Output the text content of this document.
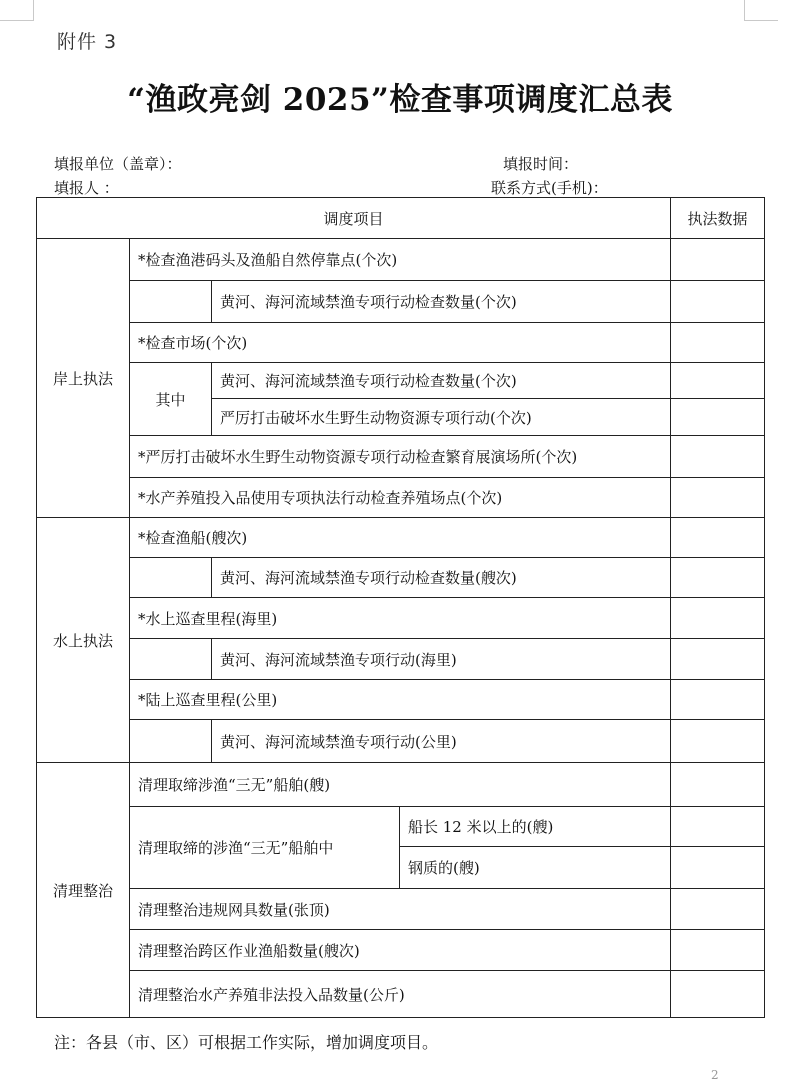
附件 3
“渔政亮剑 2025”检查事项调度汇总表
填报单位（盖章）：	填报时间：
填报人 ：	联系方式(手机)：
调度项目				执法数据
岸上执法	*检查渔港码头及渔船自然停靠点(个次)			
		黄河、海河流域禁渔专项行动检查数量(个次)		
	*检查市场(个次)			
	其中	黄河、海河流域禁渔专项行动检查数量(个次)		
		严厉打击破坏水生野生动物资源专项行动(个次)		
	*严厉打击破坏水生野生动物资源专项行动检查繁育展演场所(个次)			
	*水产养殖投入品使用专项执法行动检查养殖场点(个次)			
水上执法	*检查渔船(艘次)			
		黄河、海河流域禁渔专项行动检查数量(艘次)		
	*水上巡查里程(海里)			
		黄河、海河流域禁渔专项行动(海里)		
	*陆上巡查里程(公里)			
		黄河、海河流域禁渔专项行动(公里)		
清理整治	清理取缔涉渔“三无”船舶(艘)			
	清理取缔的涉渔“三无”船舶中		船长 12 米以上的(艘)	
			钢质的(艘)	
	清理整治违规网具数量(张顶)			
	清理整治跨区作业渔船数量(艘次)			
	清理整治水产养殖非法投入品数量(公斤)			
注：各县（市、区）可根据工作实际，增加调度项目。
2
